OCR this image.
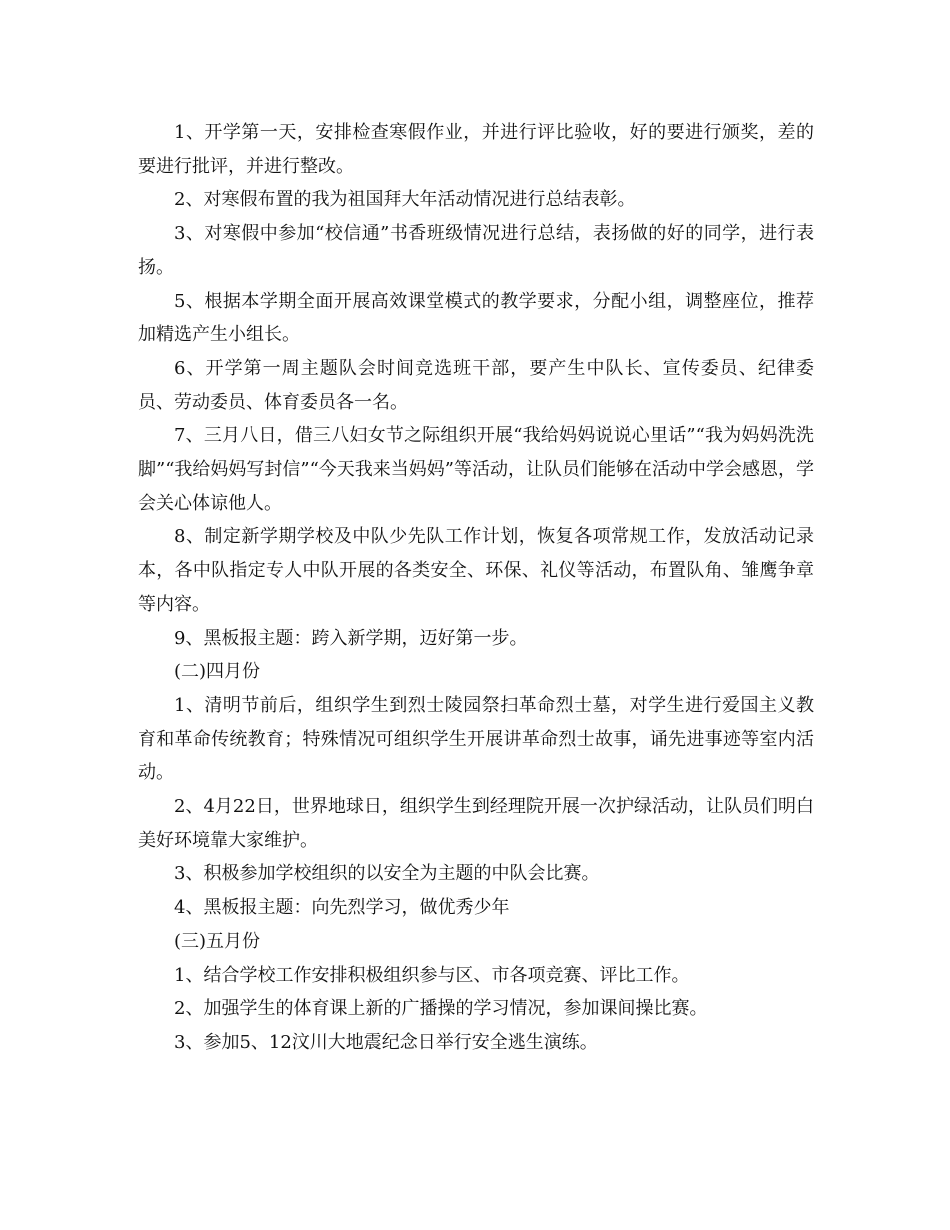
1、开学第一天，安排检查寒假作业，并进行评比验收，好的要进行颁奖，差的要进行批评，并进行整改。

2、对寒假布置的我为祖国拜大年活动情况进行总结表彰。

3、对寒假中参加“校信通”书香班级情况进行总结，表扬做的好的同学，进行表扬。

5、根据本学期全面开展高效课堂模式的教学要求，分配小组，调整座位，推荐加精选产生小组长。

6、开学第一周主题队会时间竞选班干部，要产生中队长、宣传委员、纪律委员、劳动委员、体育委员各一名。

7、三月八日，借三八妇女节之际组织开展“我给妈妈说说心里话”“我为妈妈洗洗脚”“我给妈妈写封信”“今天我来当妈妈”等活动，让队员们能够在活动中学会感恩，学会关心体谅他人。

8、制定新学期学校及中队少先队工作计划，恢复各项常规工作，发放活动记录本，各中队指定专人中队开展的各类安全、环保、礼仪等活动，布置队角、雏鹰争章等内容。

9、黑板报主题：跨入新学期，迈好第一步。

(二)四月份

1、清明节前后，组织学生到烈士陵园祭扫革命烈士墓，对学生进行爱国主义教育和革命传统教育；特殊情况可组织学生开展讲革命烈士故事，诵先进事迹等室内活动。

2、4月22日，世界地球日，组织学生到经理院开展一次护绿活动，让队员们明白美好环境靠大家维护。

3、积极参加学校组织的以安全为主题的中队会比赛。

4、黑板报主题：向先烈学习，做优秀少年

(三)五月份

1、结合学校工作安排积极组织参与区、市各项竞赛、评比工作。

2、加强学生的体育课上新的广播操的学习情况，参加课间操比赛。

3、参加5、12汶川大地震纪念日举行安全逃生演练。
